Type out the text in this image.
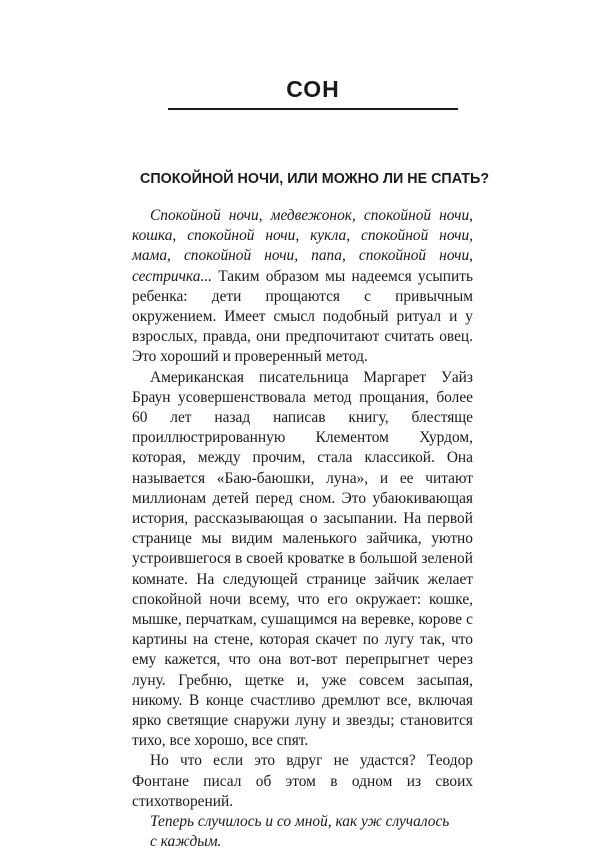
СОН
СПОКОЙНОЙ НОЧИ, ИЛИ МОЖНО ЛИ НЕ СПАТЬ?

Спокойной ночи, медвежонок, спокойной ночи, кошка, спокойной ночи, кукла, спокойной ночи, мама, спокойной ночи, папа, спокойной ночи, сестричка... Таким образом мы надеемся усыпить ребенка: дети прощаются с привычным окружением. Имеет смысл подобный ритуал и у взрослых, правда, они предпочитают считать овец. Это хороший и проверенный метод.

Американская писательница Маргарет Уайз Браун усовершенствовала метод прощания, более 60 лет назад написав книгу, блестяще проиллюстрированную Клементом Хурдом, которая, между прочим, стала классикой. Она называется «Баю-баюшки, луна», и ее читают миллионам детей перед сном. Это убаюкивающая история, рассказывающая о засыпании. На первой странице мы видим маленького зайчика, уютно устроившегося в своей кроватке в большой зеленой комнате. На следующей странице зайчик желает спокойной ночи всему, что его окружает: кошке, мышке, перчаткам, сушащимся на веревке, корове с картины на стене, которая скачет по лугу так, что ему кажется, что она вот-вот перепрыгнет через луну. Гребню, щетке и, уже совсем засыпая, никому. В конце счастливо дремлют все, включая ярко светящие снаружи луну и звезды; становится тихо, все хорошо, все спят.

Но что если это вдруг не удастся? Теодор Фонтане писал об этом в одном из своих стихотворений.

Теперь случилось и со мной, как уж случалось
с каждым.
